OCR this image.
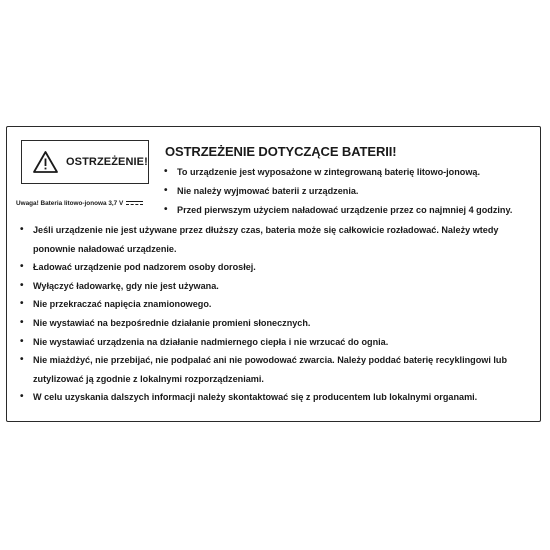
OSTRZEŻENIE!
Uwaga! Bateria litowo-jonowa 3,7 V
OSTRZEŻENIE DOTYCZĄCE BATERII!
• To urządzenie jest wyposażone w zintegrowaną baterię litowo-jonową.
• Nie należy wyjmować baterii z urządzenia.
• Przed pierwszym użyciem naładować urządzenie przez co najmniej 4 godziny.
• Jeśli urządzenie nie jest używane przez dłuższy czas, bateria może się całkowicie rozładować. Należy wtedy ponownie naładować urządzenie.
• Ładować urządzenie pod nadzorem osoby dorosłej.
• Wyłączyć ładowarkę, gdy nie jest używana.
• Nie przekraczać napięcia znamionowego.
• Nie wystawiać na bezpośrednie działanie promieni słonecznych.
• Nie wystawiać urządzenia na działanie nadmiernego ciepła i nie wrzucać do ognia.
• Nie miażdżyć, nie przebijać, nie podpalać ani nie powodować zwarcia. Należy poddać baterię recyklingowi lub zutylizować ją zgodnie z lokalnymi rozporządzeniami.
• W celu uzyskania dalszych informacji należy skontaktować się z producentem lub lokalnymi organami.
